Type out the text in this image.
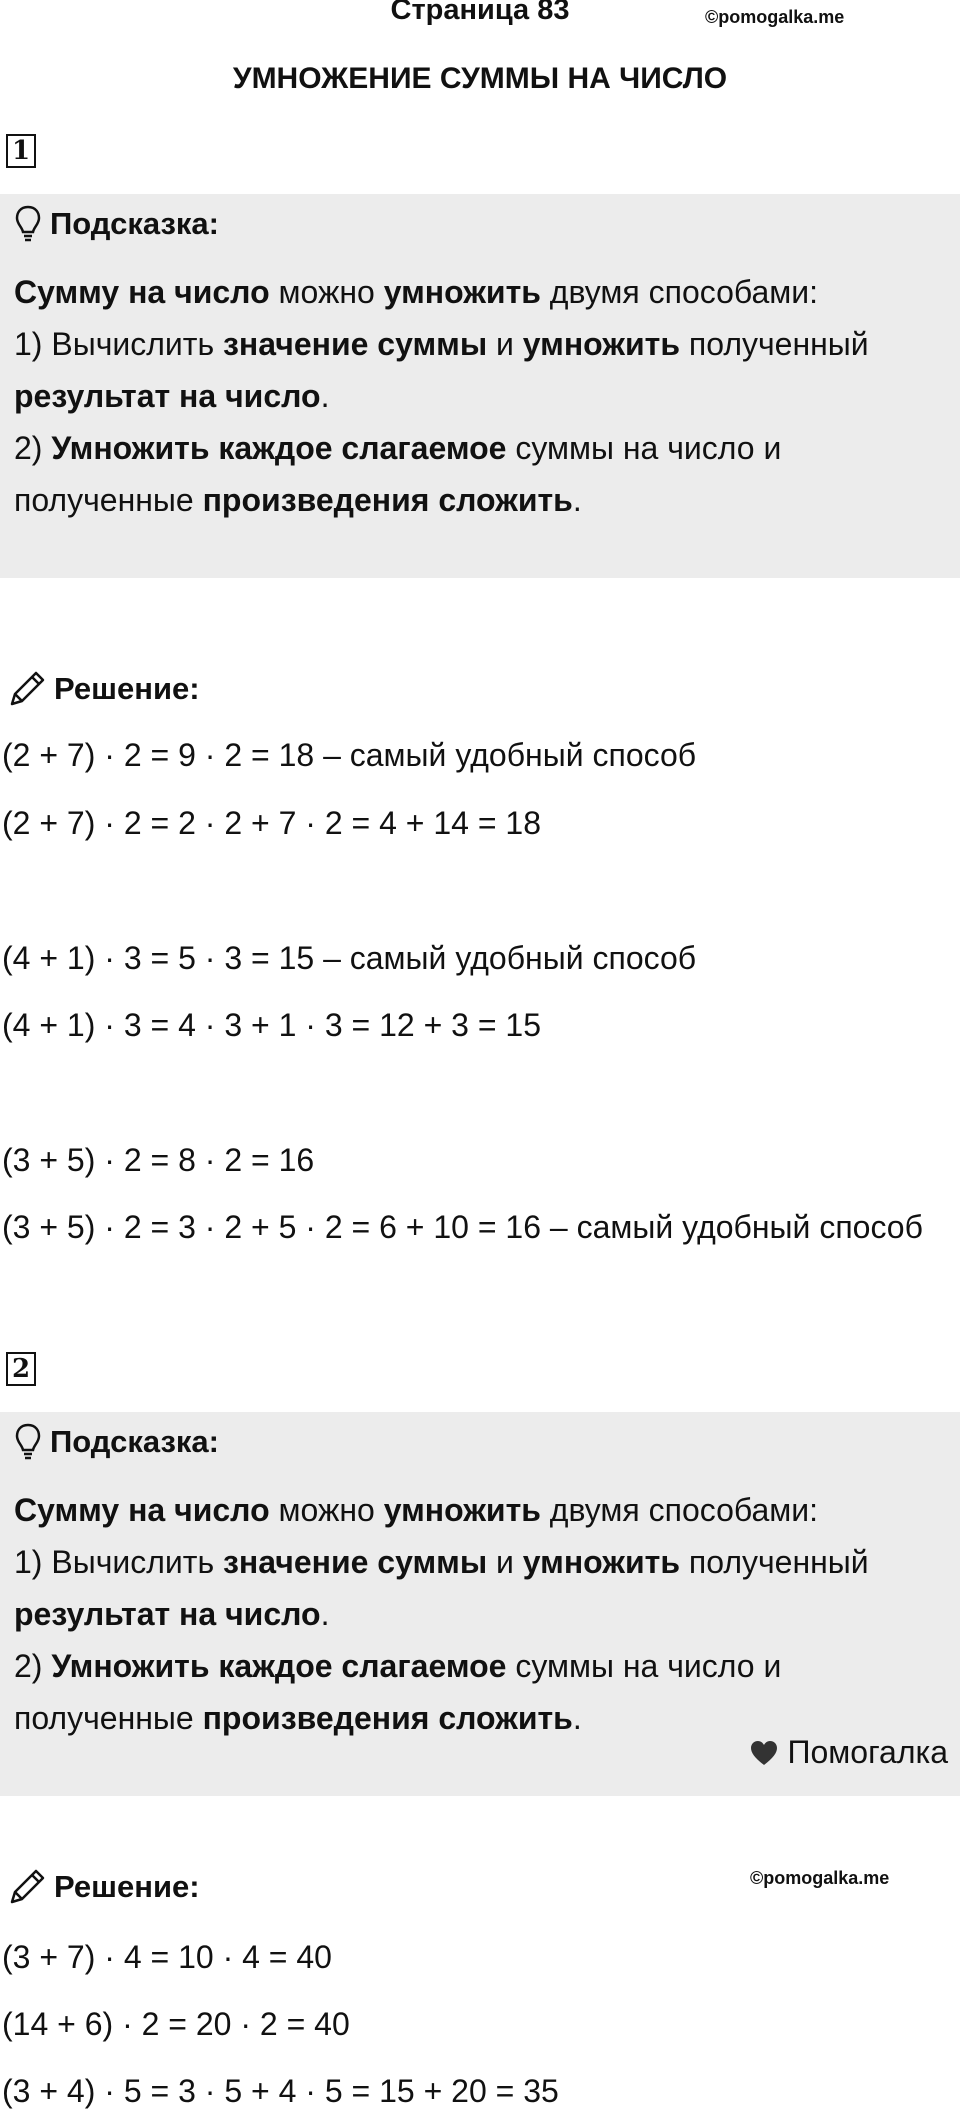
Страница 83	©pomogalka.me
УМНОЖЕНИЕ СУММЫ НА ЧИСЛО
1
Подсказка:
Сумму на число можно умножить двумя способами:
1) Вычислить значение суммы и умножить полученный результат на число.
2) Умножить каждое слагаемое суммы на число и полученные произведения сложить.
Решение:
(2 + 7) · 2 = 9 · 2 = 18 – самый удобный способ
(2 + 7) · 2 = 2 · 2 + 7 · 2 = 4 + 14 = 18
(4 + 1) · 3 = 5 · 3 = 15 – самый удобный способ
(4 + 1) · 3 = 4 · 3 + 1 · 3 = 12 + 3 = 15
(3 + 5) · 2 = 8 · 2 = 16
(3 + 5) · 2 = 3 · 2 + 5 · 2 = 6 + 10 = 16 – самый удобный способ
2
Подсказка:
Сумму на число можно умножить двумя способами:
1) Вычислить значение суммы и умножить полученный результат на число.
2) Умножить каждое слагаемое суммы на число и полученные произведения сложить.
Помогалка
Решение:	©pomogalka.me
(3 + 7) · 4 = 10 · 4 = 40
(14 + 6) · 2 = 20 · 2 = 40
(3 + 4) · 5 = 3 · 5 + 4 · 5 = 15 + 20 = 35
